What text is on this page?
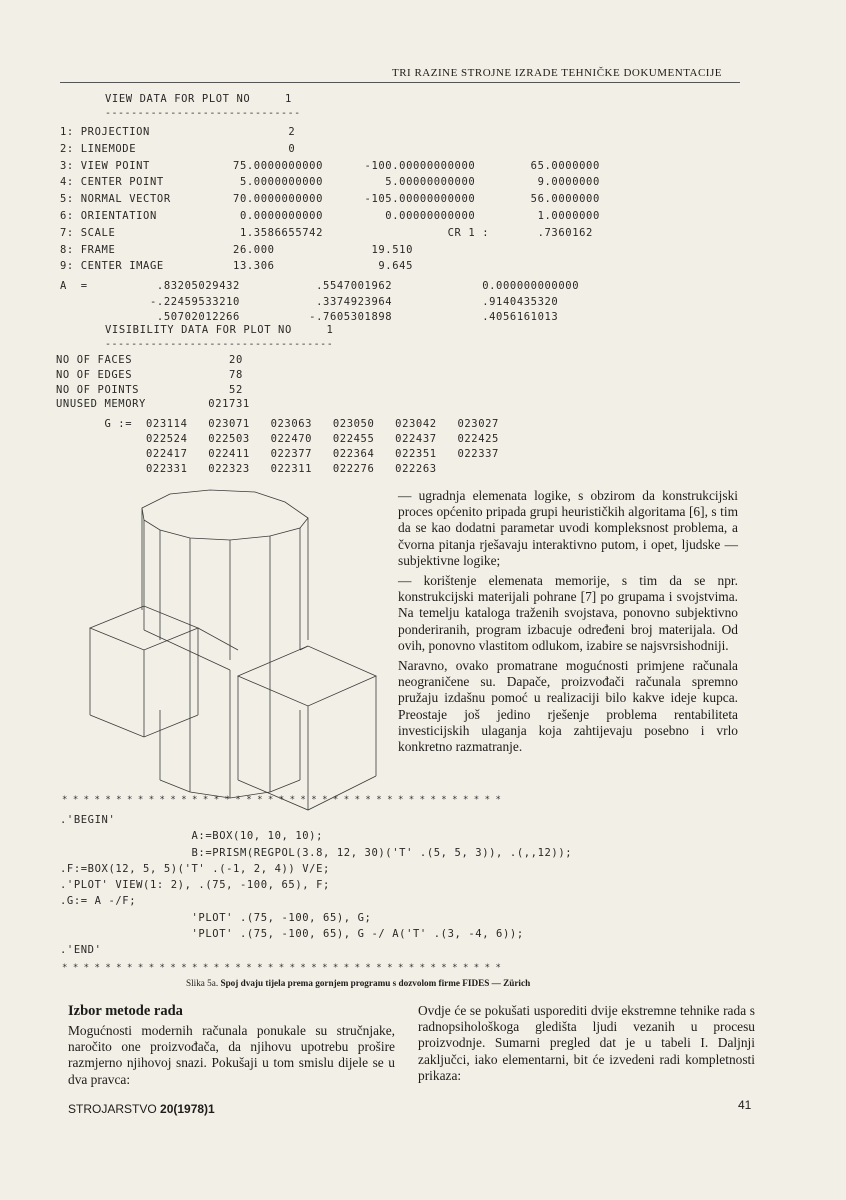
TRI RAZINE STROJNE IZRADE TEHNIČKE DOKUMENTACIJE
VIEW DATA FOR PLOT NO     1
------------------------------
1: PROJECTION                    2
2: LINEMODE                      0
3: VIEW POINT            75.0000000000      -100.00000000000        65.0000000
4: CENTER POINT           5.0000000000         5.00000000000         9.0000000
5: NORMAL VECTOR         70.0000000000      -105.00000000000        56.0000000
6: ORIENTATION            0.0000000000         0.00000000000         1.0000000
7: SCALE                  1.3586655742                  CR 1 :       .7360162
8: FRAME                 26.000              19.510
9: CENTER IMAGE          13.306               9.645
A  =          .83205029432           .5547001962             0.000000000000
-.22459533210           .3374923964             .9140435320
.50702012266          -.7605301898             .4056161013
VISIBILITY DATA FOR PLOT NO     1
-----------------------------------
NO OF FACES              20
NO OF EDGES              78
NO OF POINTS             52
UNUSED MEMORY         021731
G :=  023114   023071   023063   023050   023042   023027
022524   022503   022470   022455   022437   022425
022417   022411   022377   022364   022351   022337
022331   022323   022311   022276   022263

— ugradnja elemenata logike, s obzirom da konstrukcijski proces općenito pripada grupi heurističkih algoritama [6], s tim da se kao dodatni parametar uvodi kompleksnost problema, a čvorna pitanja rješavaju interaktivno putom, i opet, ljudske — subjektivne logike;

— korištenje elemenata memorije, s tim da se npr. konstrukcijski materijali pohrane [7] po grupama i svojstvima. Na temelju kataloga traženih svojstava, ponovno subjektivno ponderiranih, program izbacuje određeni broj materijala. Od ovih, ponovno vlastitom odlukom, izabire se najsvrsishodniji.

Naravno, ovako promatrane mogućnosti primjene računala neograničene su. Dapače, proizvođači računala spremno pružaju izdašnu pomoć u realizaciji bilo kakve ideje kupca. Preostaje još jedino rješenje problema rentabiliteta investicijskih ulaganja koja zahtijevaju posebno i vrlo konkretno razmatranje.

* * * * * * * * * * * * * * * * * * * * * * * * * * * * * * * * * * * * * * * * *
.'BEGIN'
A:=BOX(10, 10, 10);
B:=PRISM(REGPOL(3.8, 12, 30)('T' .(5, 5, 3)), .(,,12));
.F:=BOX(12, 5, 5)('T' .(-1, 2, 4)) V/E;
.'PLOT' VIEW(1: 2), .(75, -100, 65), F;
.G:= A -/F;
'PLOT' .(75, -100, 65), G;
'PLOT' .(75, -100, 65), G -/ A('T' .(3, -4, 6));
.'END'
* * * * * * * * * * * * * * * * * * * * * * * * * * * * * * * * * * * * * * * * *
Slika 5a. Spoj dvaju tijela prema gornjem programu s dozvolom firme FIDES — Zürich
Izbor metode rada
Mogućnosti modernih računala ponukale su stručnjake, naročito one proizvođača, da njihovu upotrebu prošire razmjerno njihovoj snazi. Pokušaji u tom smislu dijele se u dva pravca:
Ovdje će se pokušati usporediti dvije ekstremne tehnike rada s radnopsihološkoga gledišta ljudi vezanih u procesu proizvodnje. Sumarni pregled dat je u tabeli I. Daljnji zaključci, iako elementarni, bit će izvedeni radi kompletnosti prikaza:
STROJARSTVO 20(1978)1	41
